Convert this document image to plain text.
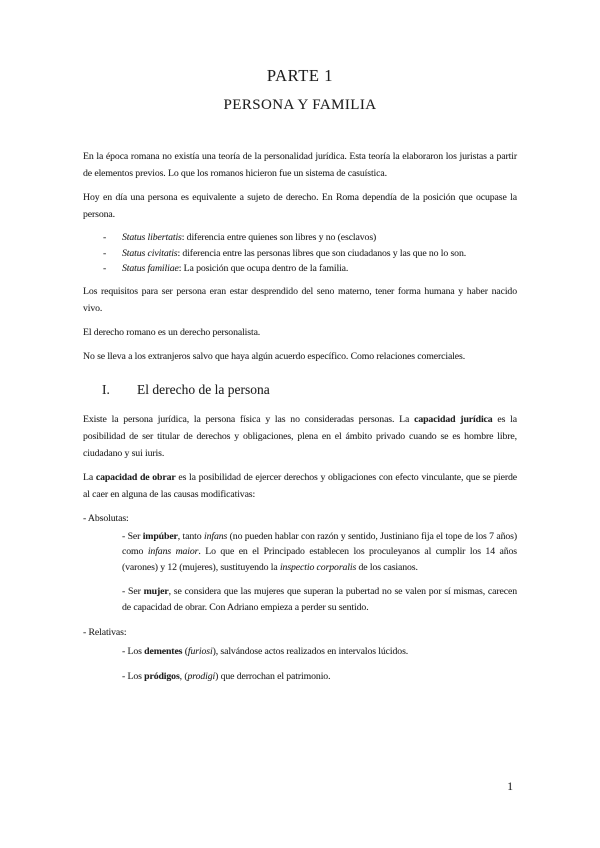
PARTE 1
PERSONA Y FAMILIA

En la época romana no existía una teoría de la personalidad jurídica. Esta teoría la elaboraron los juristas a partir de elementos previos. Lo que los romanos hicieron fue un sistema de casuística.

Hoy en día una persona es equivalente a sujeto de derecho. En Roma dependía de la posición que ocupase la persona.

-	Status libertatis: diferencia entre quienes son libres y no (esclavos)
-	Status civitatis: diferencia entre las personas libres que son ciudadanos y las que no lo son.
-	Status familiae: La posición que ocupa dentro de la familia.

Los requisitos para ser persona eran estar desprendido del seno materno, tener forma humana y haber nacido vivo.

El derecho romano es un derecho personalista.

No se lleva a los extranjeros salvo que haya algún acuerdo específico. Como relaciones comerciales.

I. El derecho de la persona

Existe la persona jurídica, la persona física y las no consideradas personas. La capacidad jurídica es la posibilidad de ser titular de derechos y obligaciones, plena en el ámbito privado cuando se es hombre libre, ciudadano y sui iuris.

La capacidad de obrar es la posibilidad de ejercer derechos y obligaciones con efecto vinculante, que se pierde al caer en alguna de las causas modificativas:

- Absolutas:

- Ser impúber, tanto infans (no pueden hablar con razón y sentido, Justiniano fija el tope de los 7 años) como infans maior. Lo que en el Principado establecen los proculeyanos al cumplir los 14 años (varones) y 12 (mujeres), sustituyendo la inspectio corporalis de los casianos.

- Ser mujer, se considera que las mujeres que superan la pubertad no se valen por sí mismas, carecen de capacidad de obrar. Con Adriano empieza a perder su sentido.

- Relativas:

- Los dementes (furiosi), salvándose actos realizados en intervalos lúcidos.

- Los pródigos, (prodigi) que derrochan el patrimonio.

1
